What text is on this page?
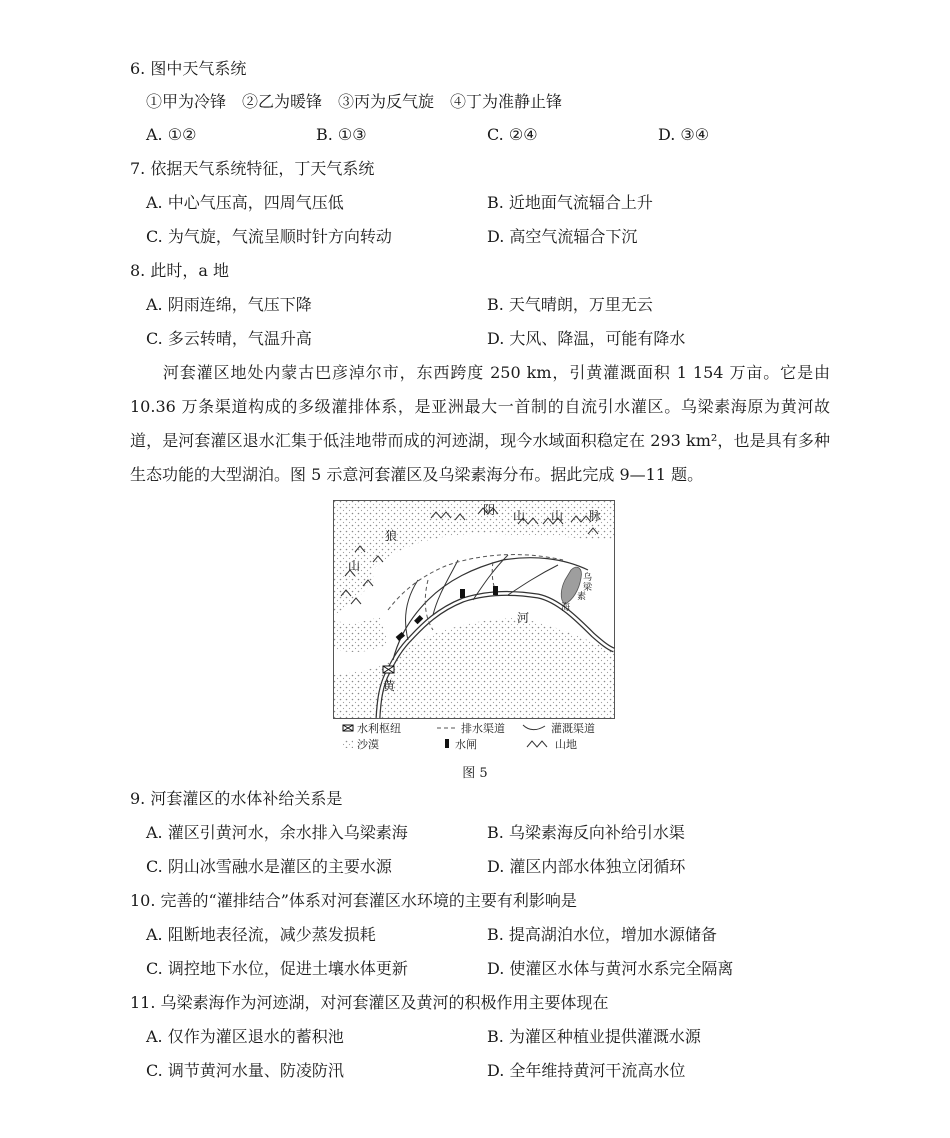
6. 图中天气系统
①甲为冷锋　②乙为暖锋　③丙为反气旋　④丁为准静止锋
A. ①②	B. ①③	C. ②④	D. ③④
7. 依据天气系统特征，丁天气系统
A. 中心气压高，四周气压低	B. 近地面气流辐合上升
C. 为气旋，气流呈顺时针方向转动	D. 高空气流辐合下沉
8. 此时，a 地
A. 阴雨连绵，气压下降	B. 天气晴朗，万里无云
C. 多云转晴，气温升高	D. 大风、降温，可能有降水
河套灌区地处内蒙古巴彦淖尔市，东西跨度 250 km，引黄灌溉面积 1 154 万亩。它是由 10.36 万条渠道构成的多级灌排体系，是亚洲最大一首制的自流引水灌区。乌梁素海原为黄河故道，是河套灌区退水汇集于低洼地带而成的河迹湖，现今水域面积稳定在 293 km²，也是具有多种生态功能的大型湖泊。图 5 示意河套灌区及乌梁素海分布。据此完成 9—11 题。
阴 山 山 脉
狼
山
河
黄
乌
梁
素
海
水利枢纽	排水渠道	灌溉渠道
沙漠	水闸	山地
图 5
9. 河套灌区的水体补给关系是
A. 灌区引黄河水，余水排入乌梁素海	B. 乌梁素海反向补给引水渠
C. 阴山冰雪融水是灌区的主要水源	D. 灌区内部水体独立闭循环
10. 完善的“灌排结合”体系对河套灌区水环境的主要有利影响是
A. 阻断地表径流，减少蒸发损耗	B. 提高湖泊水位，增加水源储备
C. 调控地下水位，促进土壤水体更新	D. 使灌区水体与黄河水系完全隔离
11. 乌梁素海作为河迹湖，对河套灌区及黄河的积极作用主要体现在
A. 仅作为灌区退水的蓄积池	B. 为灌区种植业提供灌溉水源
C. 调节黄河水量、防凌防汛	D. 全年维持黄河干流高水位
